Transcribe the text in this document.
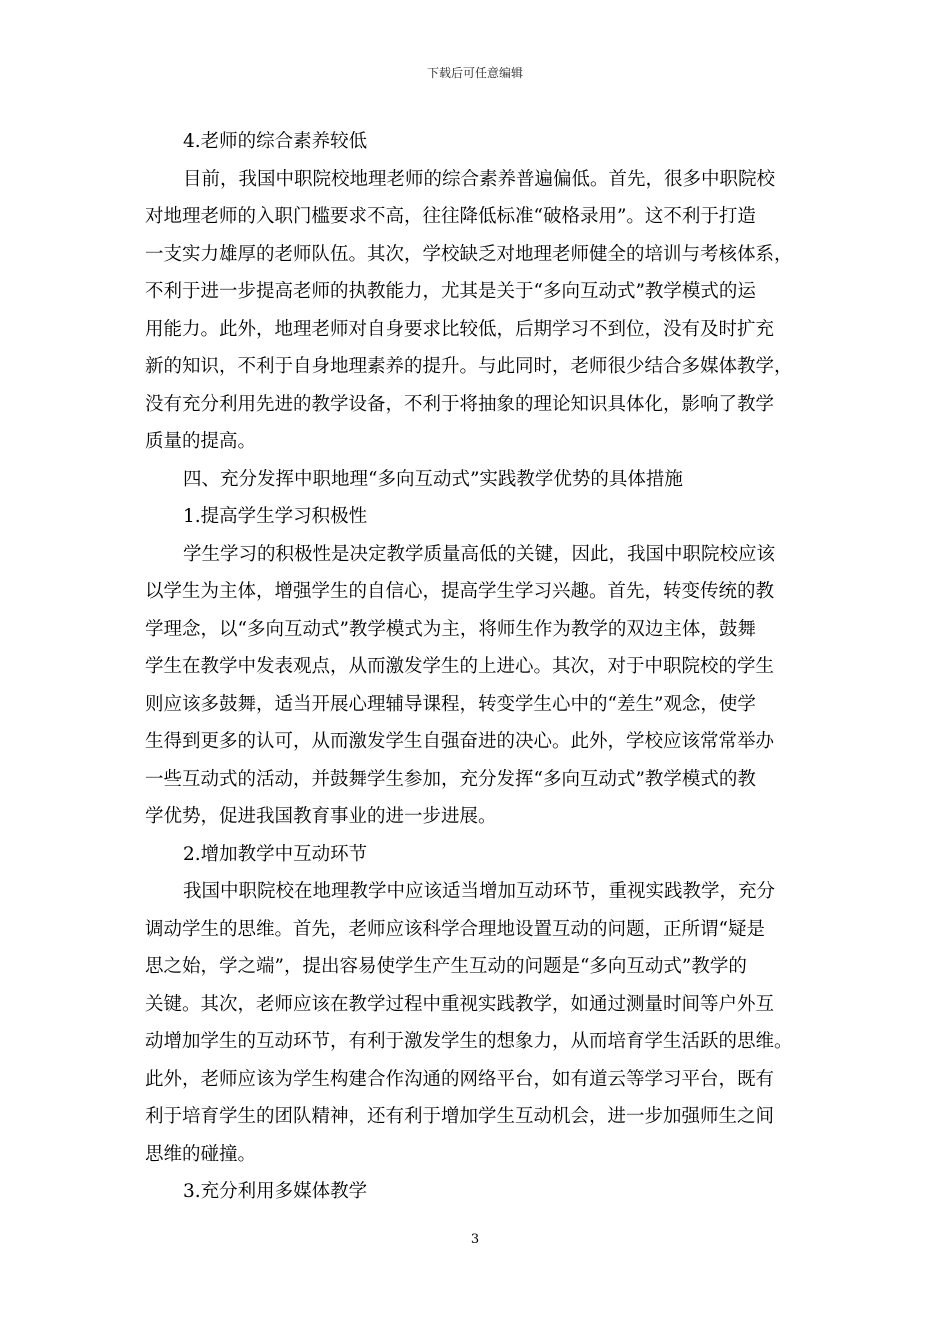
下载后可任意编辑
4.老师的综合素养较低
目前，我国中职院校地理老师的综合素养普遍偏低。首先，很多中职院校
对地理老师的入职门槛要求不高，往往降低标准“破格录用”。这不利于打造
一支实力雄厚的老师队伍。其次，学校缺乏对地理老师健全的培训与考核体系，
不利于进一步提高老师的执教能力，尤其是关于“多向互动式”教学模式的运
用能力。此外，地理老师对自身要求比较低，后期学习不到位，没有及时扩充
新的知识，不利于自身地理素养的提升。与此同时，老师很少结合多媒体教学，
没有充分利用先进的教学设备，不利于将抽象的理论知识具体化，影响了教学
质量的提高。
四、充分发挥中职地理“多向互动式”实践教学优势的具体措施
1.提高学生学习积极性
学生学习的积极性是决定教学质量高低的关键，因此，我国中职院校应该
以学生为主体，增强学生的自信心，提高学生学习兴趣。首先，转变传统的教
学理念，以“多向互动式”教学模式为主，将师生作为教学的双边主体，鼓舞
学生在教学中发表观点，从而激发学生的上进心。其次，对于中职院校的学生
则应该多鼓舞，适当开展心理辅导课程，转变学生心中的“差生”观念，使学
生得到更多的认可，从而激发学生自强奋进的决心。此外，学校应该常常举办
一些互动式的活动，并鼓舞学生参加，充分发挥“多向互动式”教学模式的教
学优势，促进我国教育事业的进一步进展。
2.增加教学中互动环节
我国中职院校在地理教学中应该适当增加互动环节，重视实践教学，充分
调动学生的思维。首先，老师应该科学合理地设置互动的问题，正所谓“疑是
思之始，学之端”，提出容易使学生产生互动的问题是“多向互动式”教学的
关键。其次，老师应该在教学过程中重视实践教学，如通过测量时间等户外互
动增加学生的互动环节，有利于激发学生的想象力，从而培育学生活跃的思维。
此外，老师应该为学生构建合作沟通的网络平台，如有道云等学习平台，既有
利于培育学生的团队精神，还有利于增加学生互动机会，进一步加强师生之间
思维的碰撞。
3.充分利用多媒体教学
3
